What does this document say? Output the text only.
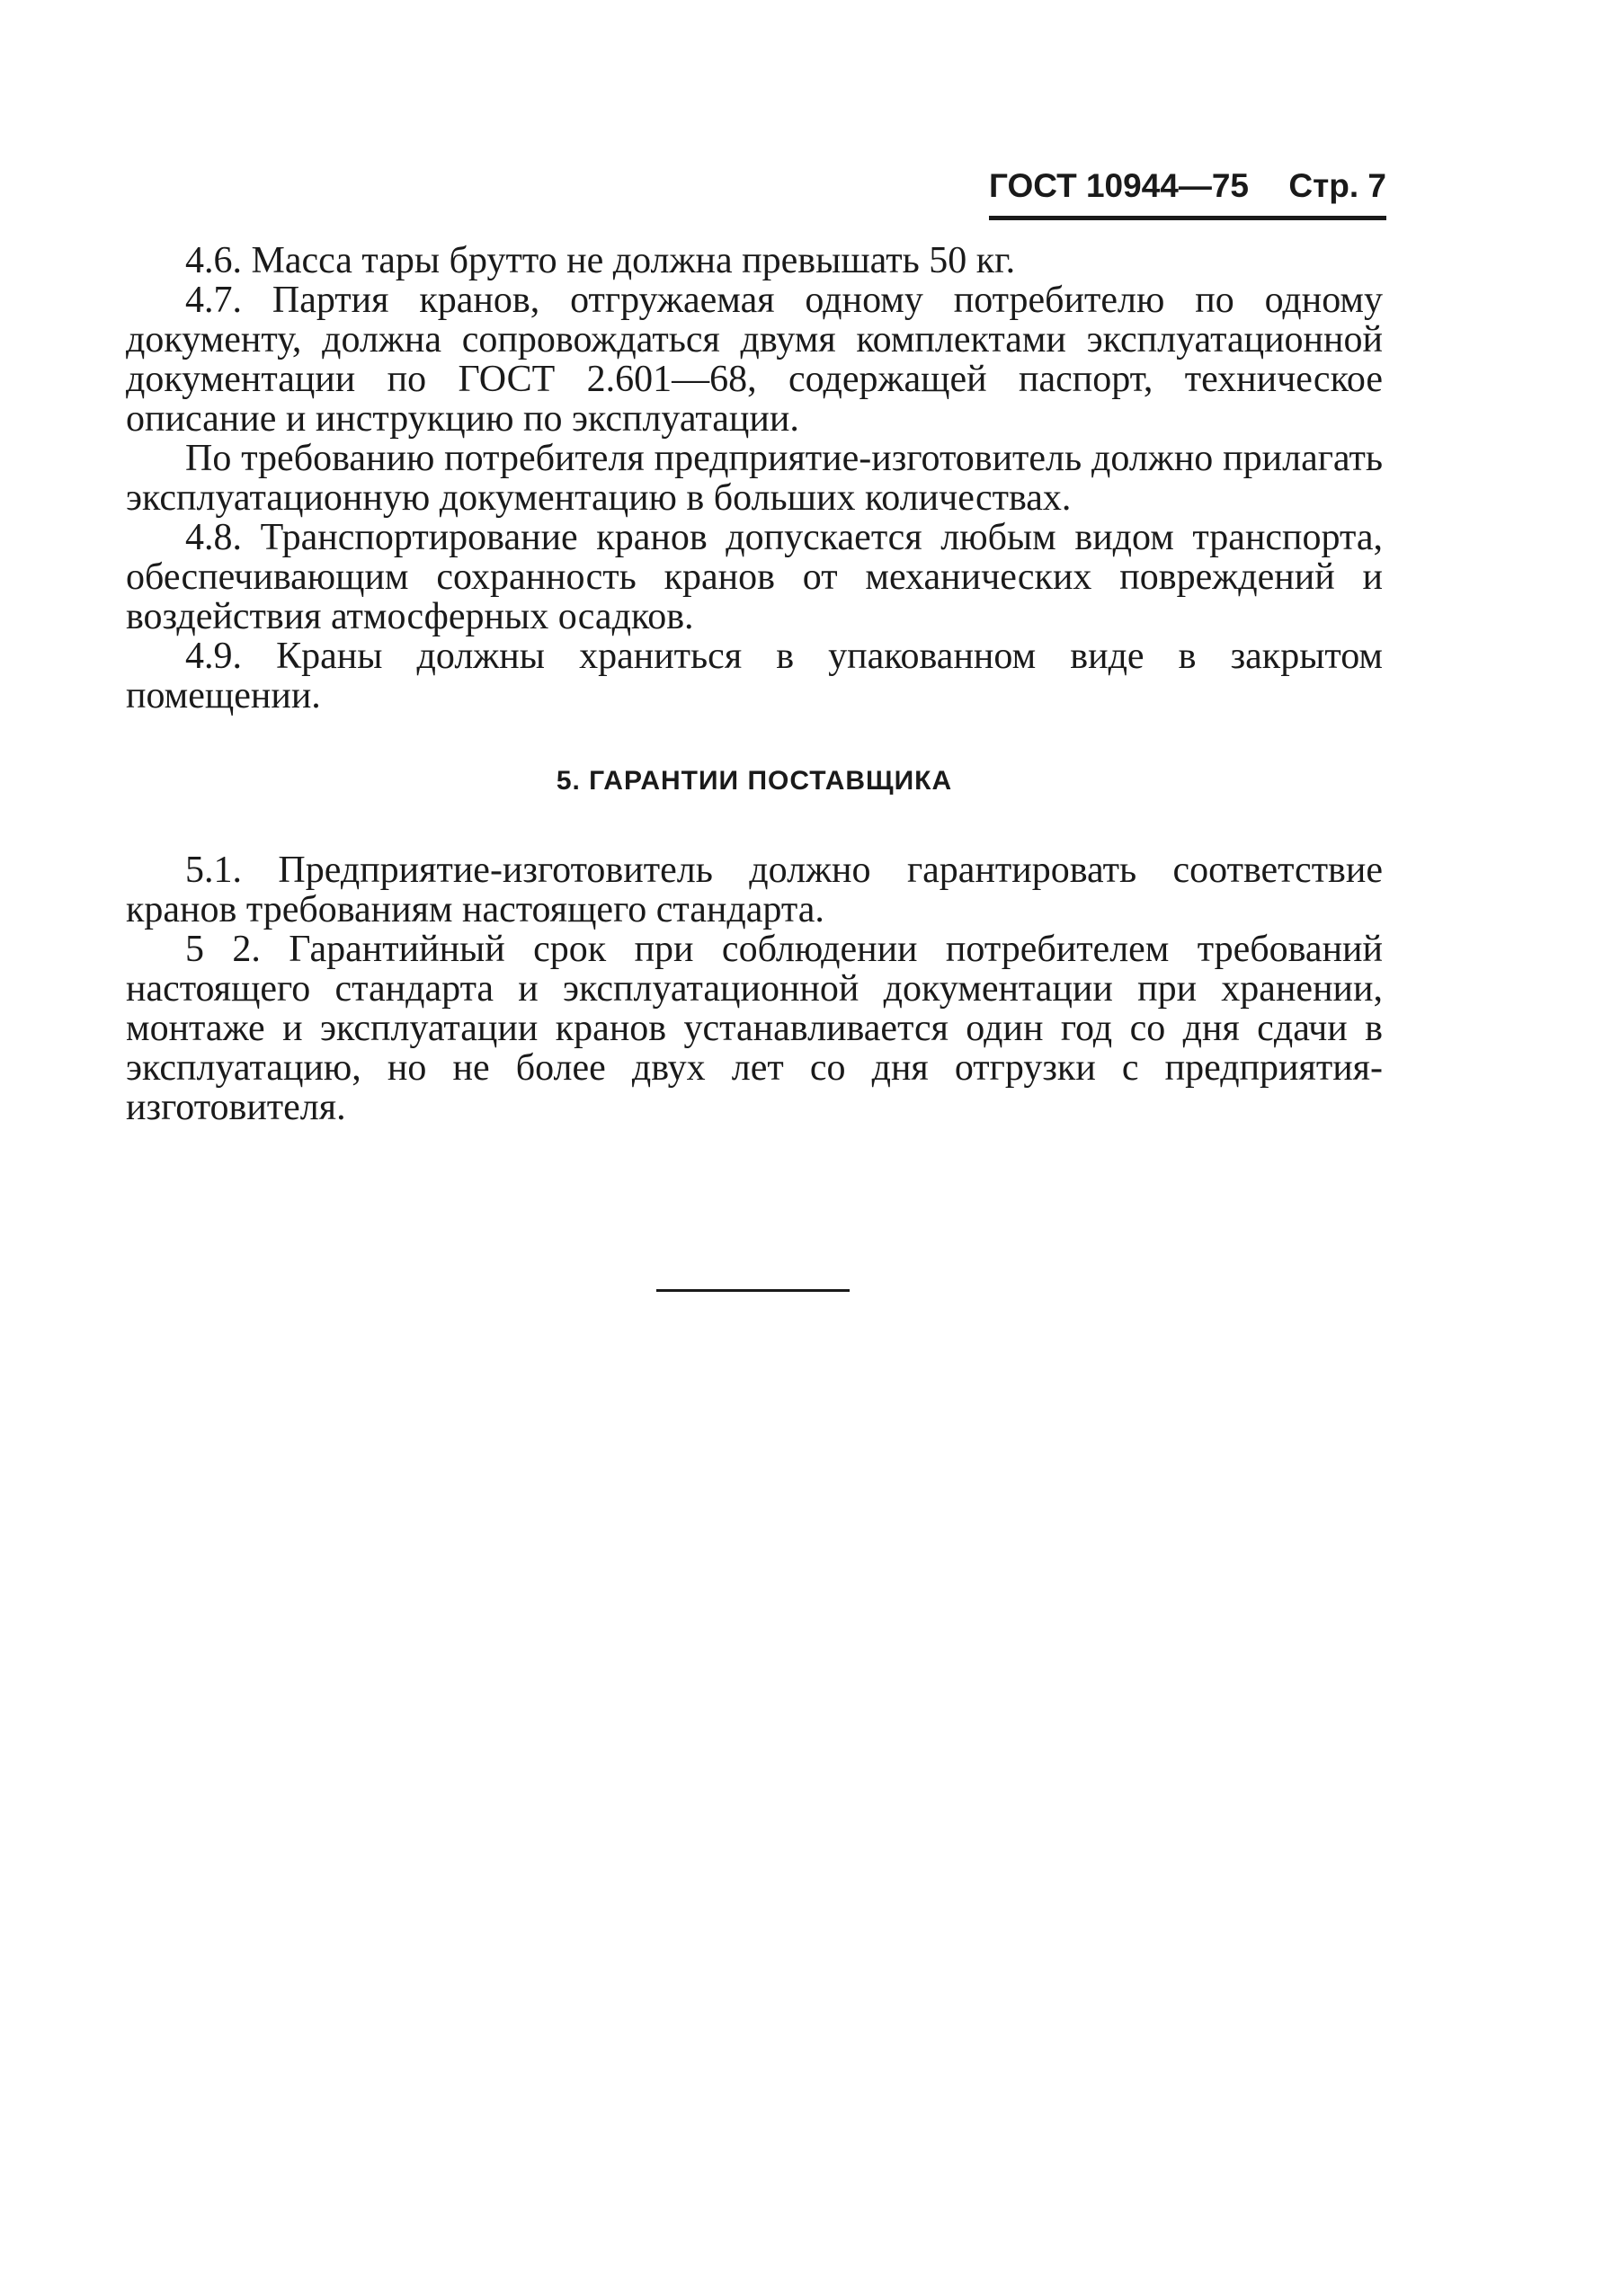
ГОСТ 10944—75 Стр. 7

4.6. Масса тары брутто не должна превышать 50 кг.

4.7. Партия кранов, отгружаемая одному потребителю по одному документу, должна сопровождаться двумя комплектами эксплуатационной документации по ГОСТ 2.601—68, содержащей паспорт, техническое описание и инструкцию по эксплуатации.

По требованию потребителя предприятие-изготовитель должно прилагать эксплуатационную документацию в больших количествах.

4.8. Транспортирование кранов допускается любым видом транспорта, обеспечивающим сохранность кранов от механических повреждений и воздействия атмосферных осадков.

4.9. Краны должны храниться в упакованном виде в закрытом помещении.

5. ГАРАНТИИ ПОСТАВЩИКА

5.1. Предприятие-изготовитель должно гарантировать соответствие кранов требованиям настоящего стандарта.

5 2. Гарантийный срок при соблюдении потребителем требований настоящего стандарта и эксплуатационной документации при хранении, монтаже и эксплуатации кранов устанавливается один год со дня сдачи в эксплуатацию, но не более двух лет со дня отгрузки с предприятия-изготовителя.
